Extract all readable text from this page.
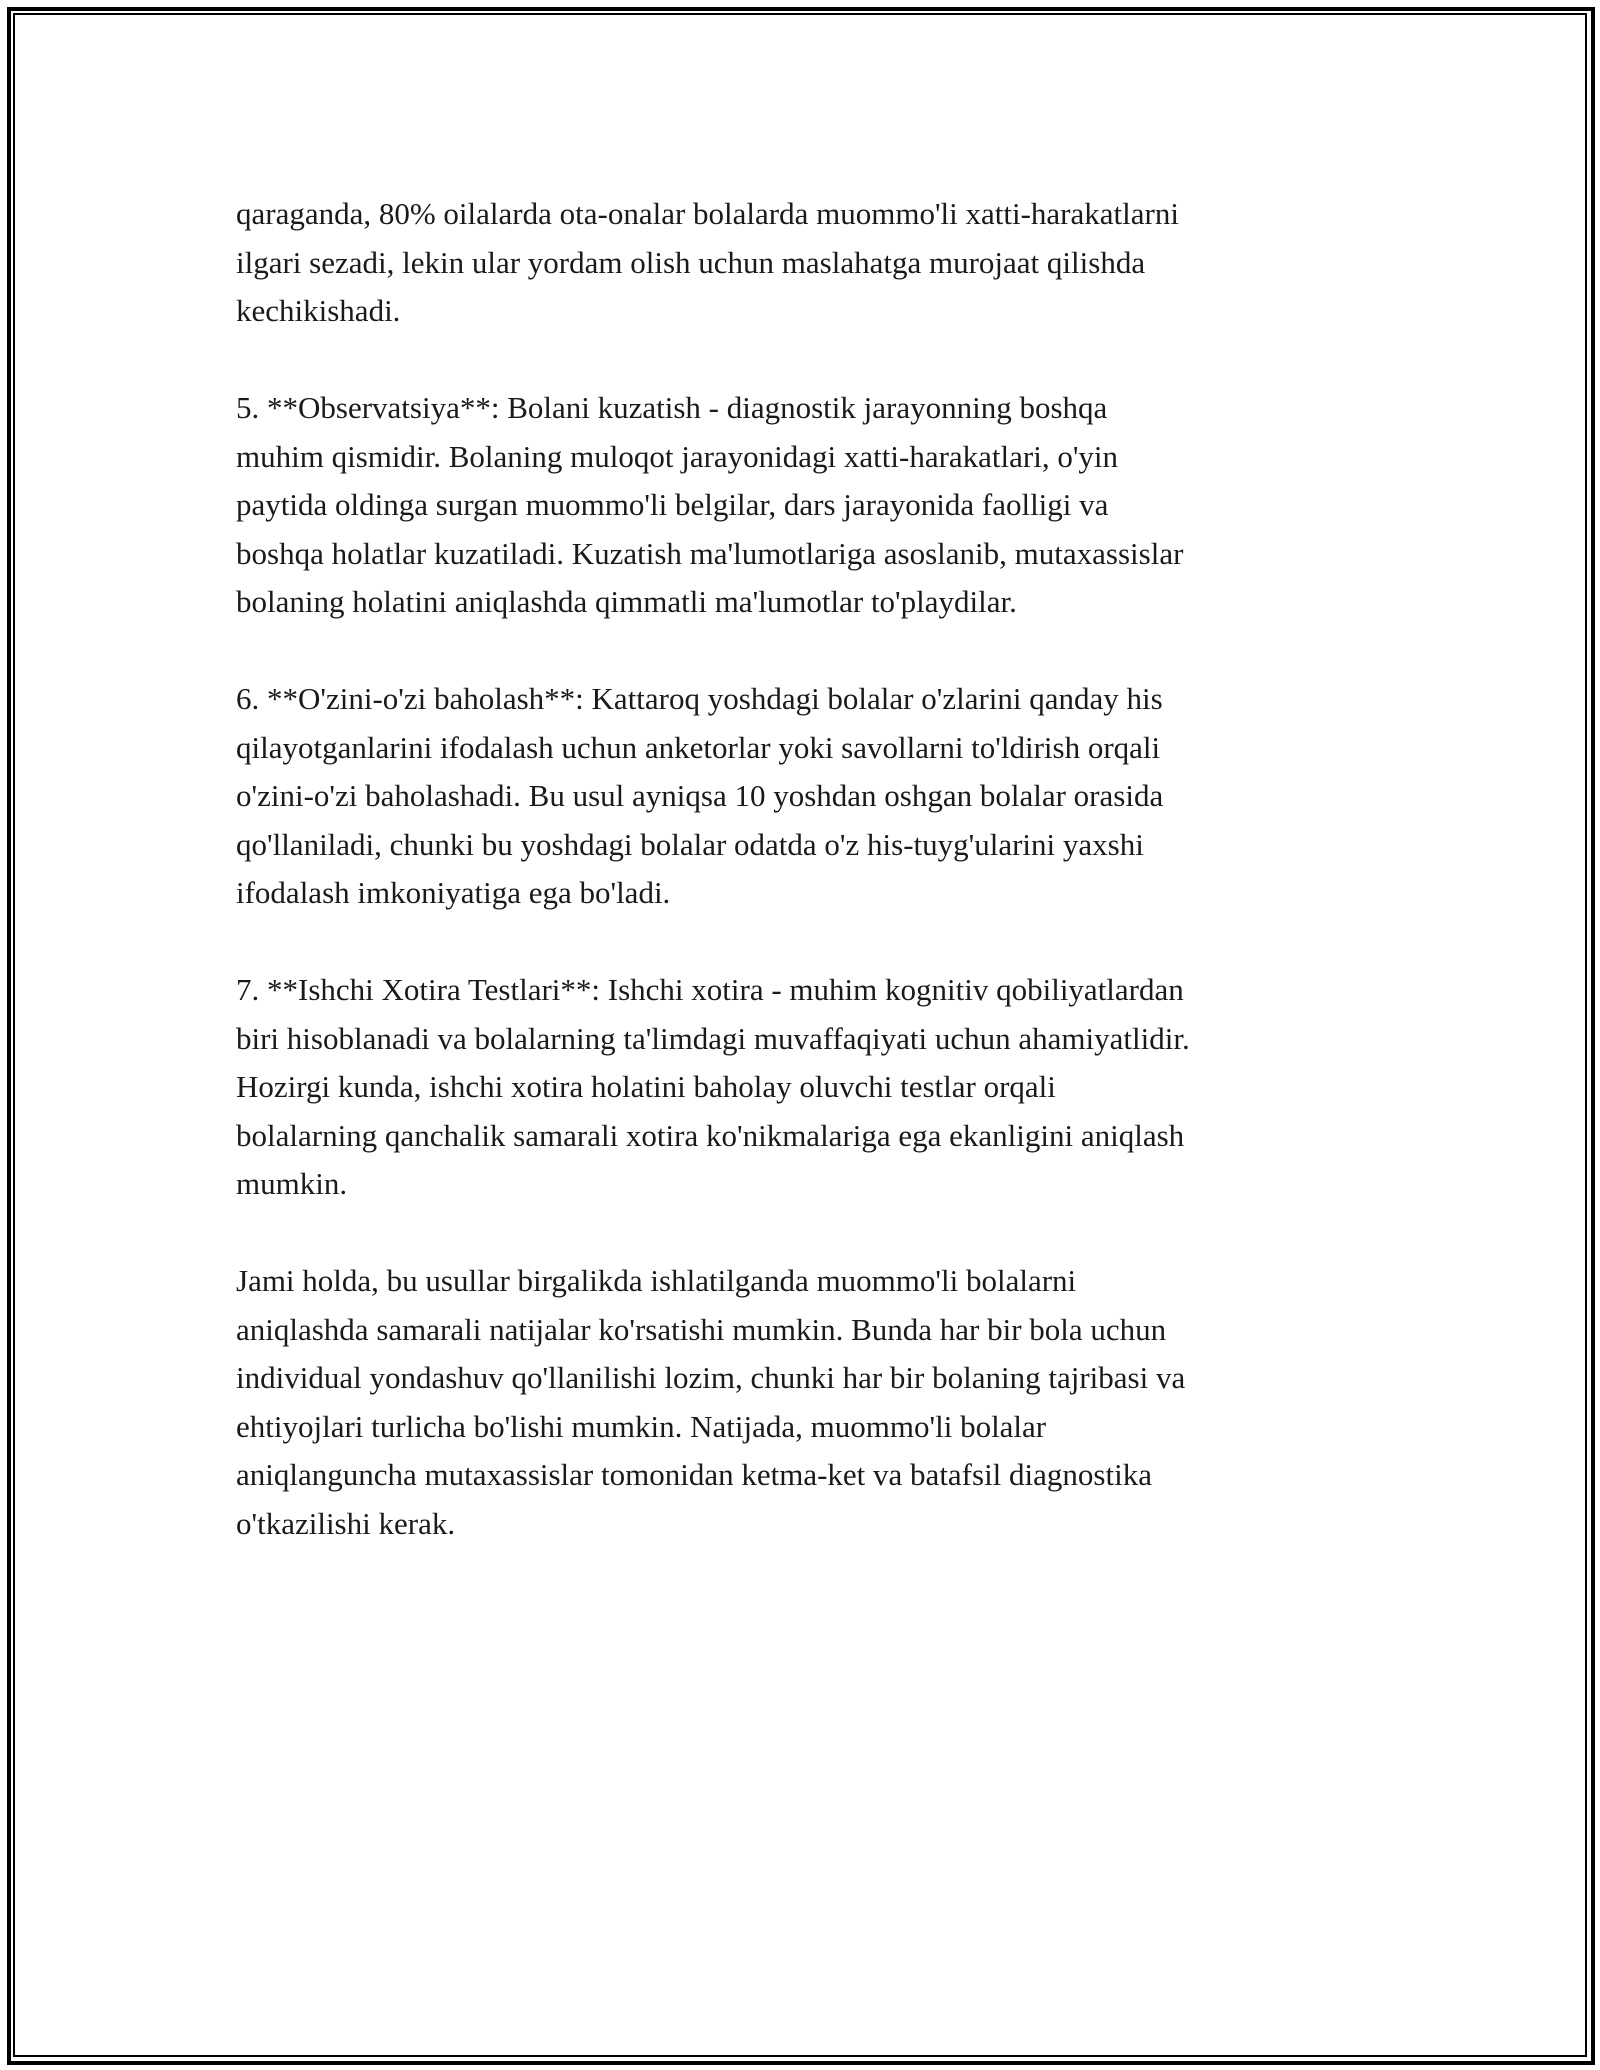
qaraganda, 80% oilalarda ota-onalar bolalarda muommo'li xatti-harakatlarni
ilgari sezadi, lekin ular yordam olish uchun maslahatga murojaat qilishda
kechikishadi.

5. **Observatsiya**: Bolani kuzatish - diagnostik jarayonning boshqa
muhim qismidir. Bolaning muloqot jarayonidagi xatti-harakatlari, o'yin
paytida oldinga surgan muommo'li belgilar, dars jarayonida faolligi va
boshqa holatlar kuzatiladi. Kuzatish ma'lumotlariga asoslanib, mutaxassislar
bolaning holatini aniqlashda qimmatli ma'lumotlar to'playdilar.

6. **O'zini-o'zi baholash**: Kattaroq yoshdagi bolalar o'zlarini qanday his
qilayotganlarini ifodalash uchun anketorlar yoki savollarni to'ldirish orqali
o'zini-o'zi baholashadi. Bu usul ayniqsa 10 yoshdan oshgan bolalar orasida
qo'llaniladi, chunki bu yoshdagi bolalar odatda o'z his-tuyg'ularini yaxshi
ifodalash imkoniyatiga ega bo'ladi.

7. **Ishchi Xotira Testlari**: Ishchi xotira - muhim kognitiv qobiliyatlardan
biri hisoblanadi va bolalarning ta'limdagi muvaffaqiyati uchun ahamiyatlidir.
Hozirgi kunda, ishchi xotira holatini baholay oluvchi testlar orqali
bolalarning qanchalik samarali xotira ko'nikmalariga ega ekanligini aniqlash
mumkin.

Jami holda, bu usullar birgalikda ishlatilganda muommo'li bolalarni
aniqlashda samarali natijalar ko'rsatishi mumkin. Bunda har bir bola uchun
individual yondashuv qo'llanilishi lozim, chunki har bir bolaning tajribasi va
ehtiyojlari turlicha bo'lishi mumkin. Natijada, muommo'li bolalar
aniqlanguncha mutaxassislar tomonidan ketma-ket va batafsil diagnostika
o'tkazilishi kerak.
